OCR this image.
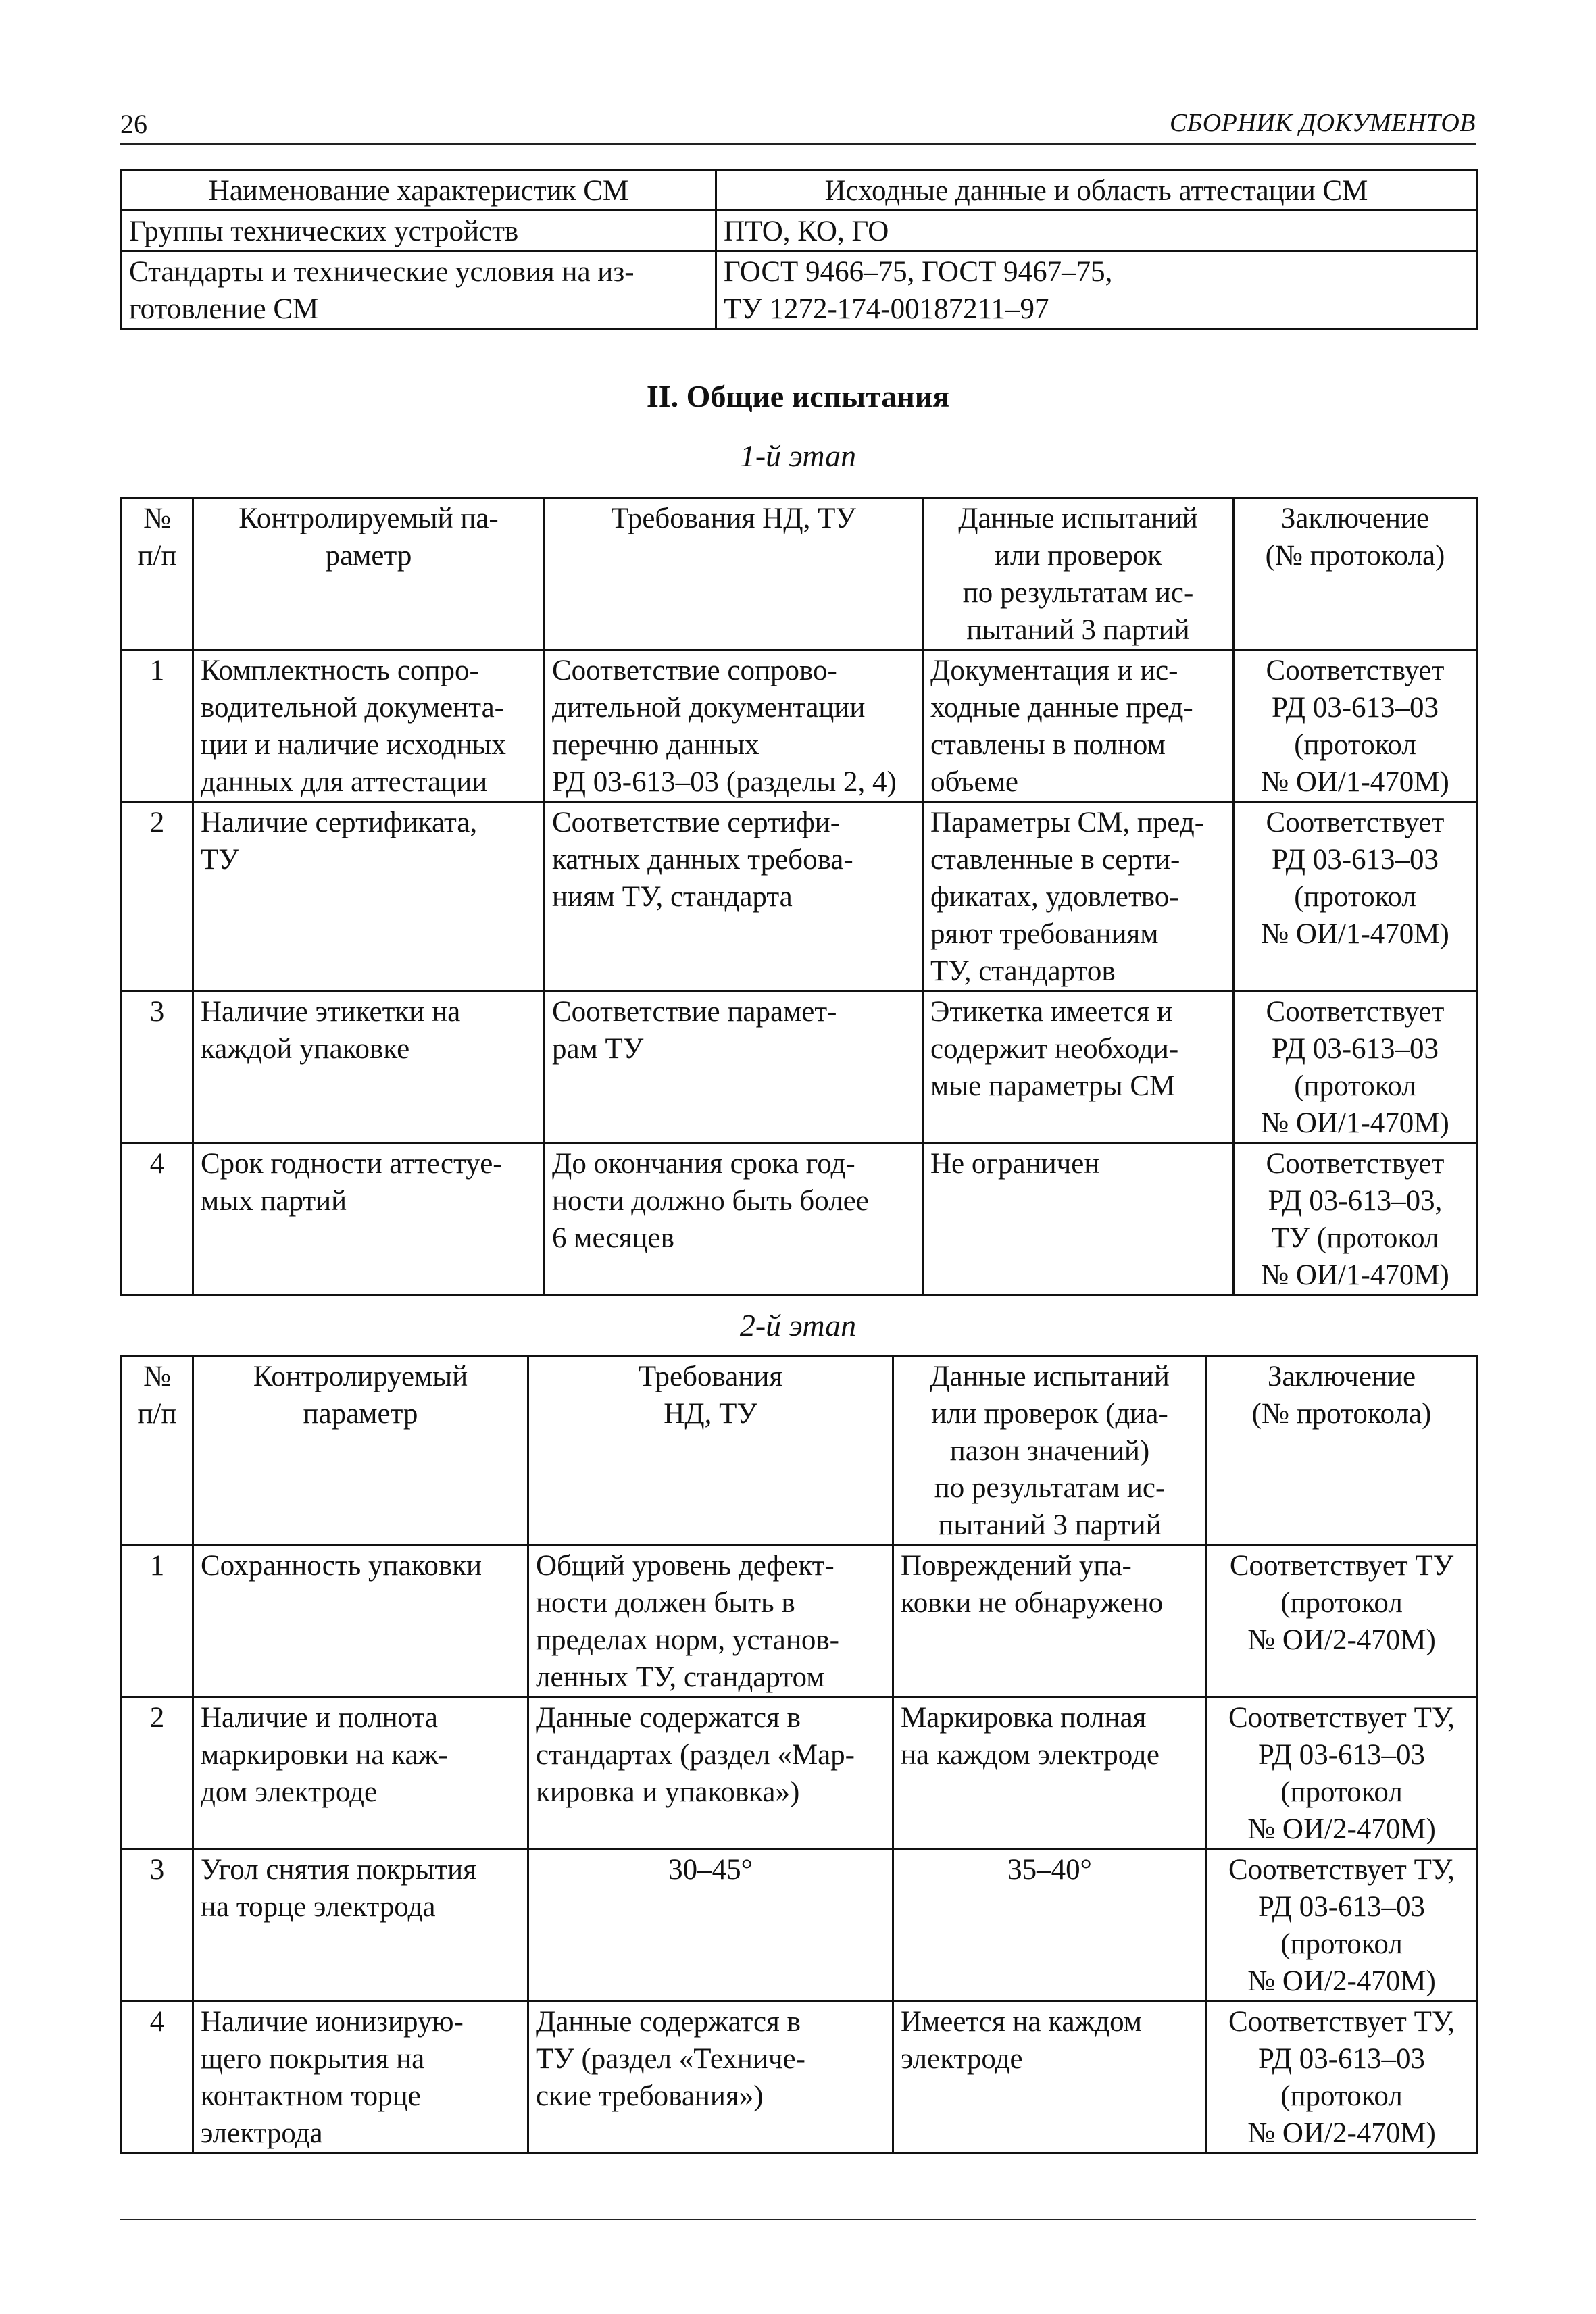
26	СБОРНИК ДОКУМЕНТОВ
Наименование характеристик СМ	Исходные данные и область аттестации СМ

Группы технических устройств	ПТО, КО, ГО

Стандарты и технические условия на из-
готовление СМ	ГОСТ 9466–75, ГОСТ 9467–75,
ТУ 1272-174-00187211–97
II. Общие испытания
1-й этап
№
п/п	Контролируемый па-
раметр	Требования НД, ТУ	Данные испытаний
или проверок
по результатам ис-
пытаний 3 партий	Заключение
(№ протокола)

1	Комплектность сопро-
водительной документа-
ции и наличие исходных
данных для аттестации	Соответствие сопрово-
дительной документации
перечню данных
РД 03-613–03 (разделы 2, 4)	Документация и ис-
ходные данные пред-
ставлены в полном
объеме	Соответствует
РД 03-613–03
(протокол
№ ОИ/1-470М)

2	Наличие сертификата,
ТУ	Соответствие сертифи-
катных данных требова-
ниям ТУ, стандарта	Параметры СМ, пред-
ставленные в серти-
фикатах, удовлетво-
ряют требованиям
ТУ, стандартов	Соответствует
РД 03-613–03
(протокол
№ ОИ/1-470М)

3	Наличие этикетки на
каждой упаковке	Соответствие парамет-
рам ТУ	Этикетка имеется и
содержит необходи-
мые параметры СМ	Соответствует
РД 03-613–03
(протокол
№ ОИ/1-470М)

4	Срок годности аттестуе-
мых партий	До окончания срока год-
ности должно быть более
6 месяцев	Не ограничен	Соответствует
РД 03-613–03,
ТУ (протокол
№ ОИ/1-470М)
2-й этап
№
п/п	Контролируемый
параметр	Требования
НД, ТУ	Данные испытаний
или проверок (диа-
пазон значений)
по результатам ис-
пытаний 3 партий	Заключение
(№ протокола)

1	Сохранность упаковки	Общий уровень дефект-
ности должен быть в
пределах норм, установ-
ленных ТУ, стандартом	Повреждений упа-
ковки не обнаружено	Соответствует ТУ
(протокол
№ ОИ/2-470М)

2	Наличие и полнота
маркировки на каж-
дом электроде	Данные содержатся в
стандартах (раздел «Мар-
кировка и упаковка»)	Маркировка полная
на каждом электроде	Соответствует ТУ,
РД 03-613–03
(протокол
№ ОИ/2-470М)

3	Угол снятия покрытия
на торце электрода	30–45°	35–40°	Соответствует ТУ,
РД 03-613–03
(протокол
№ ОИ/2-470М)

4	Наличие ионизирую-
щего покрытия на
контактном торце
электрода	Данные содержатся в
ТУ (раздел «Техниче-
ские требования»)	Имеется на каждом
электроде	Соответствует ТУ,
РД 03-613–03
(протокол
№ ОИ/2-470М)
